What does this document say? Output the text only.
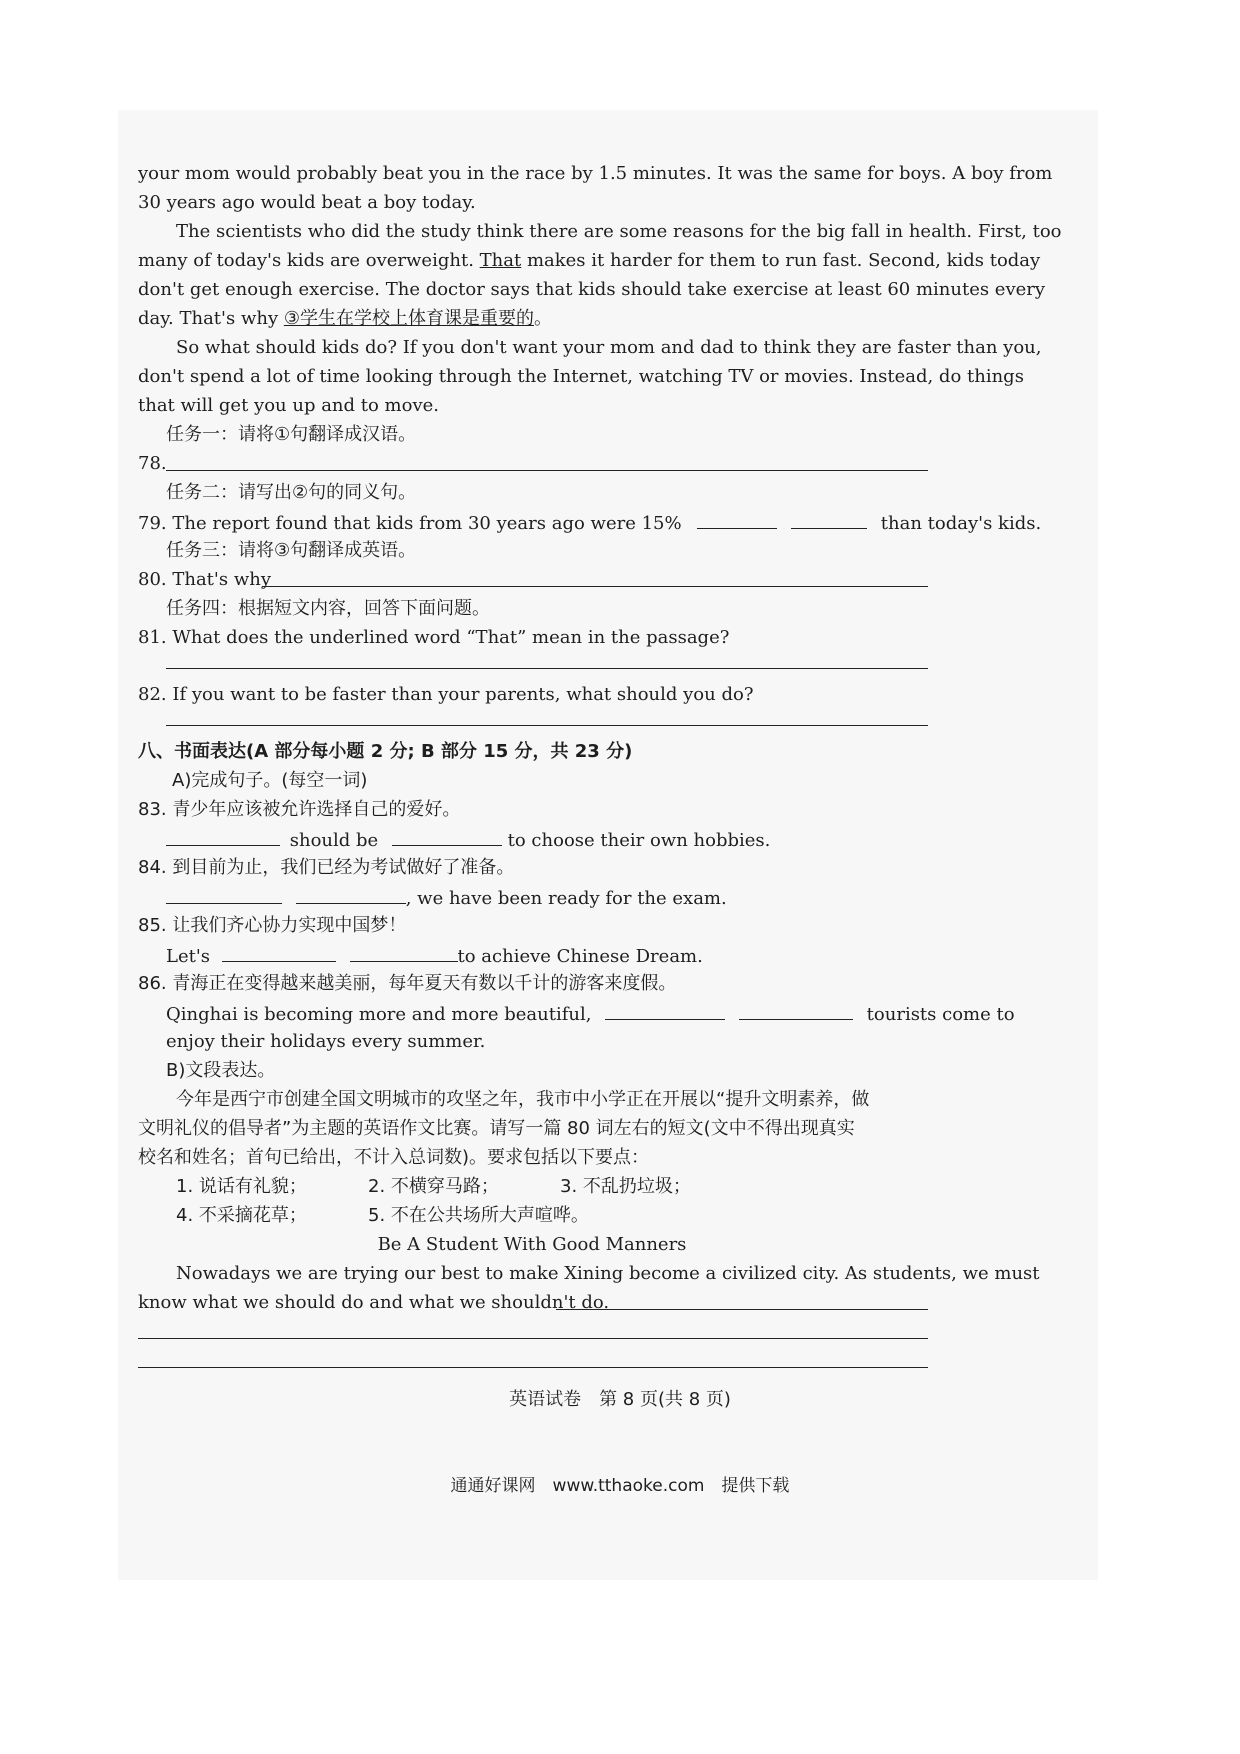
your mom would probably beat you in the race by 1.5 minutes. It was the same for boys. A boy from
30 years ago would beat a boy today.
The scientists who did the study think there are some reasons for the big fall in health. First, too
many of today's kids are overweight. That makes it harder for them to run fast. Second, kids today
don't get enough exercise. The doctor says that kids should take exercise at least 60 minutes every
day. That's why ③学生在学校上体育课是重要的。
So what should kids do? If you don't want your mom and dad to think they are faster than you,
don't spend a lot of time looking through the Internet, watching TV or movies. Instead, do things
that will get you up and to move.
任务一：请将①句翻译成汉语。
78.
任务二：请写出②句的同义句。
79. The report found that kids from 30 years ago were 15%	than today's kids.
任务三：请将③句翻译成英语。
80. That's why
任务四：根据短文内容，回答下面问题。
81. What does the underlined word “That” mean in the passage?
82. If you want to be faster than your parents, what should you do?
八、书面表达(A 部分每小题 2 分; B 部分 15 分，共 23 分)
A)完成句子。(每空一词)
83. 青少年应该被允许选择自己的爱好。
should be	to choose their own hobbies.
84. 到目前为止，我们已经为考试做好了准备。
, we have been ready for the exam.
85. 让我们齐心协力实现中国梦！
Let's	to achieve Chinese Dream.
86. 青海正在变得越来越美丽，每年夏天有数以千计的游客来度假。
Qinghai is becoming more and more beautiful,	tourists come to
enjoy their holidays every summer.
B)文段表达。
今年是西宁市创建全国文明城市的攻坚之年，我市中小学正在开展以“提升文明素养，做
文明礼仪的倡导者”为主题的英语作文比赛。请写一篇 80 词左右的短文(文中不得出现真实
校名和姓名；首句已给出，不计入总词数)。要求包括以下要点：
1. 说话有礼貌；	2. 不横穿马路；	3. 不乱扔垃圾；
4. 不采摘花草；	5. 不在公共场所大声喧哗。
Be A Student With Good Manners
Nowadays we are trying our best to make Xining become a civilized city. As students, we must
know what we should do and what we shouldn't do.
英语试卷　第 8 页(共 8 页)
通通好课网　www.tthaoke.com　提供下载
